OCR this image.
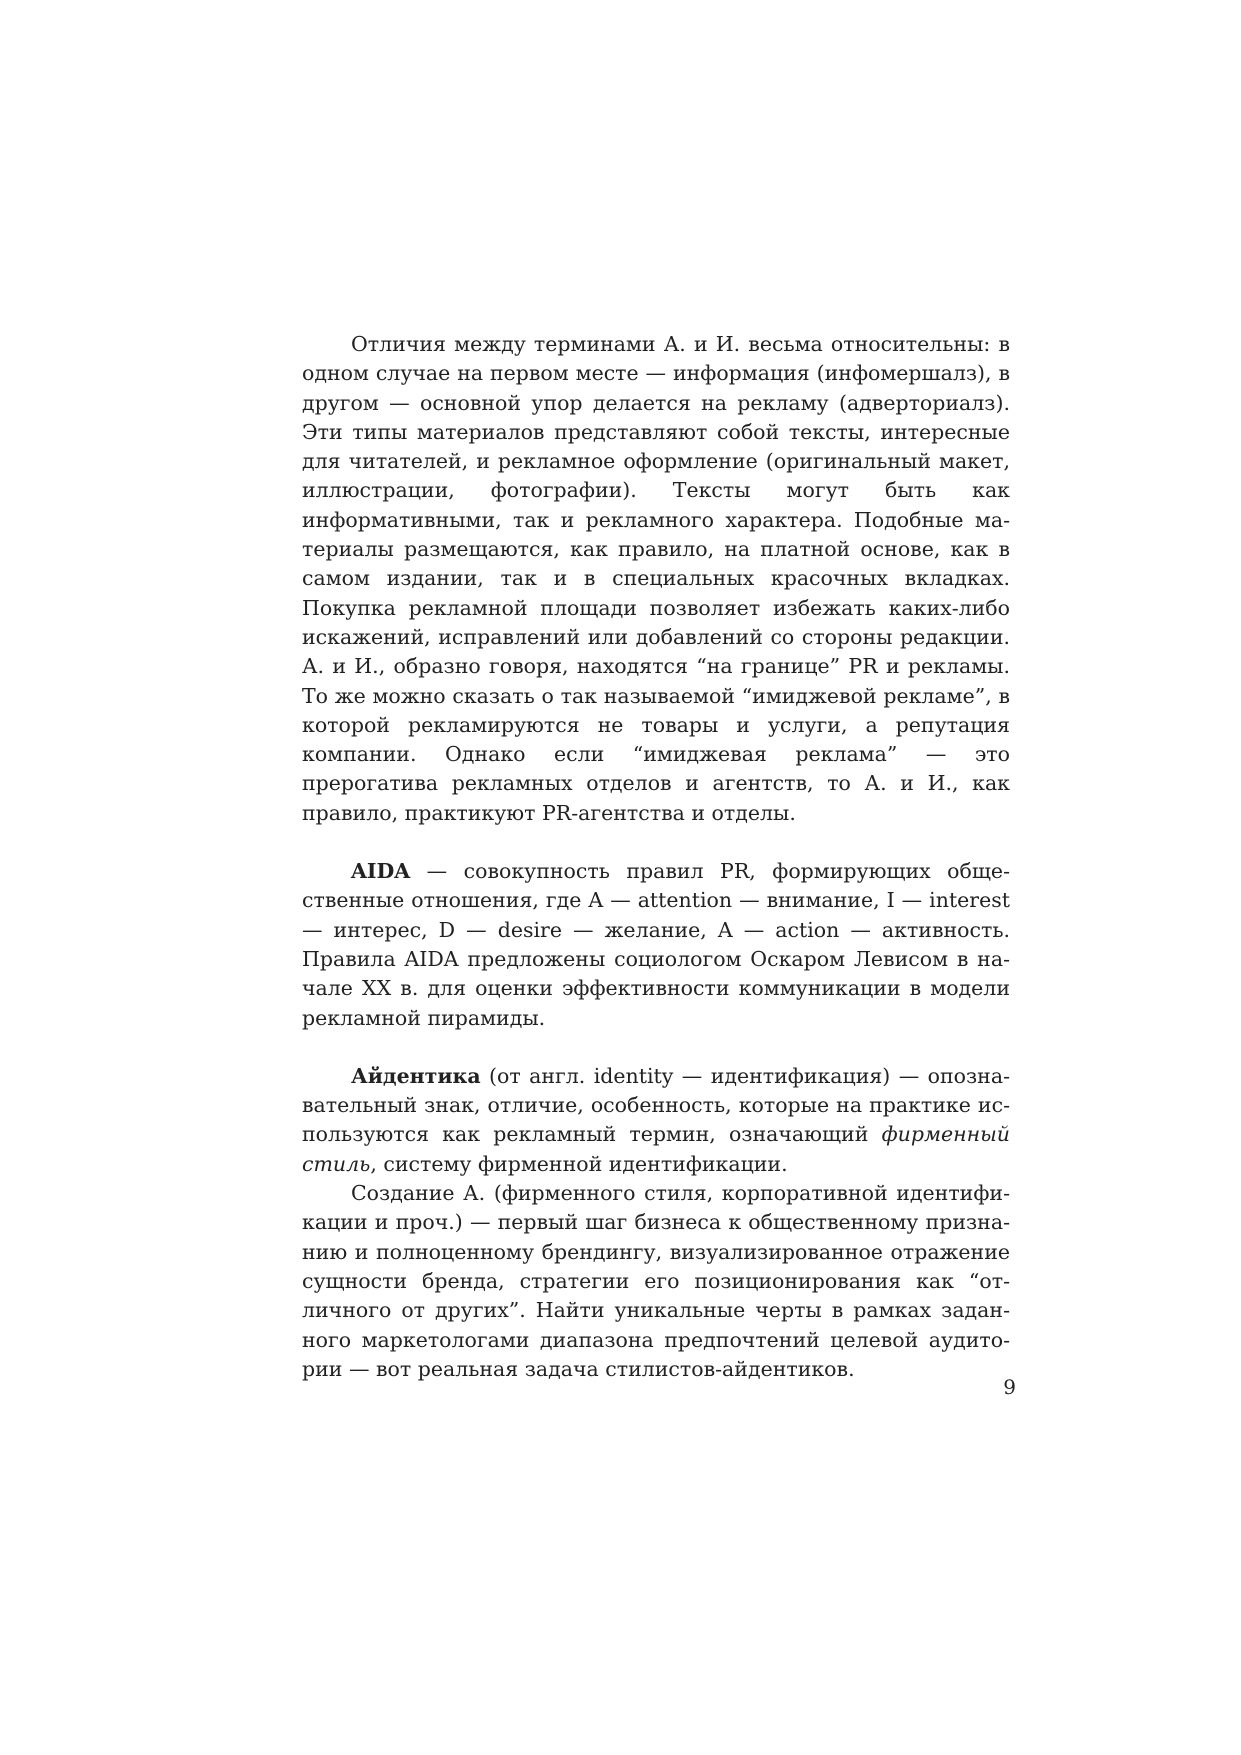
Отличия между терминами А. и И. весьма относительны: в одном случае на первом месте — информация (инфомершалз), в другом — основной упор делается на рекламу (адверториалз). Эти типы материалов представляют собой тексты, интересные для читателей, и рекламное оформление (оригинальный макет, иллюстрации, фотографии). Тексты могут быть как информативными, так и рекламного характера. Подобные материалы размещаются, как правило, на платной основе, как в самом издании, так и в специальных красочных вкладках. Покупка рекламной площади позволяет избежать каких-либо искажений, исправлений или добавлений со стороны редакции. А. и И., образно говоря, находятся “на границе” PR и рекламы. То же можно сказать о так называемой “имиджевой рекламе”, в которой рекламируются не товары и услуги, а репутация компании. Однако если “имиджевая реклама” — это прерогатива рекламных отделов и агентств, то А. и И., как правило, практикуют PR-агентства и отделы.

AIDA — совокупность правил PR, формирующих общественные отношения, где A — attention — внимание, I — interest — интерес, D — desire — желание, A — action — активность. Правила AIDA предложены социологом Оскаром Левисом в начале XX в. для оценки эффективности коммуникации в модели рекламной пирамиды.

Айдентика (от англ. identity — идентификация) — опознавательный знак, отличие, особенность, которые на практике используются как рекламный термин, означающий фирменный стиль, систему фирменной идентификации.

Создание А. (фирменного стиля, корпоративной идентификации и проч.) — первый шаг бизнеса к общественному признанию и полноценному брендингу, визуализированное отражение сущности бренда, стратегии его позиционирования как “отличного от других”. Найти уникальные черты в рамках заданного маркетологами диапазона предпочтений целевой аудитории — вот реальная задача стилистов-айдентиков.

9
